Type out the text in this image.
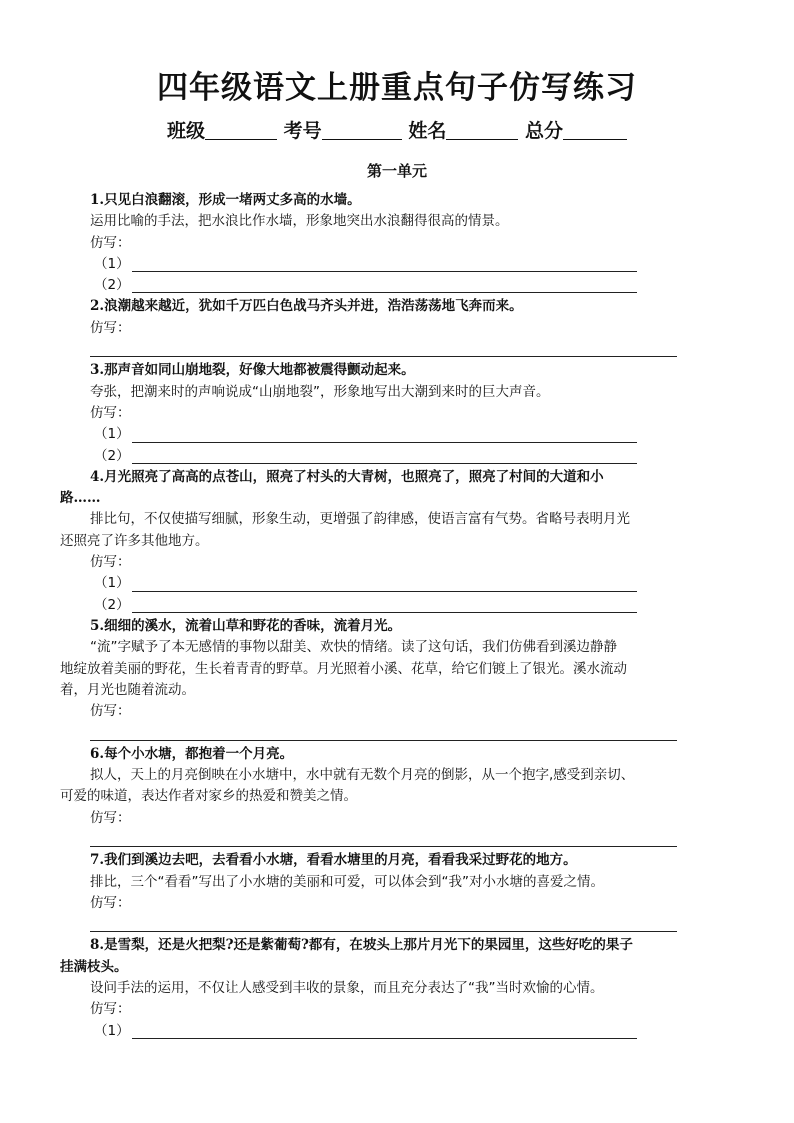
四年级语文上册重点句子仿写练习
班级	考号	姓名	总分
第一单元
1.只见白浪翻滚，形成一堵两丈多高的水墙。
运用比喻的手法，把水浪比作水墙，形象地突出水浪翻得很高的情景。
仿写：
（1）
（2）
2.浪潮越来越近，犹如千万匹白色战马齐头并进，浩浩荡荡地飞奔而来。
仿写：
3.那声音如同山崩地裂，好像大地都被震得颤动起来。
夸张，把潮来时的声响说成“山崩地裂”，形象地写出大潮到来时的巨大声音。
仿写：
（1）
（2）
4.月光照亮了高高的点苍山，照亮了村头的大青树，也照亮了，照亮了村间的大道和小
路……
排比句，不仅使描写细腻，形象生动，更增强了韵律感，使语言富有气势。省略号表明月光
还照亮了许多其他地方。
仿写：
（1）
（2）
5.细细的溪水，流着山草和野花的香味，流着月光。
“流”字赋予了本无感情的事物以甜美、欢快的情绪。读了这句话，我们仿佛看到溪边静静
地绽放着美丽的野花，生长着青青的野草。月光照着小溪、花草，给它们镀上了银光。溪水流动
着，月光也随着流动。
仿写：
6.每个小水塘，都抱着一个月亮。
拟人，天上的月亮倒映在小水塘中，水中就有无数个月亮的倒影，从一个抱字,感受到亲切、
可爱的味道，表达作者对家乡的热爱和赞美之情。
仿写：
7.我们到溪边去吧，去看看小水塘，看看水塘里的月亮，看看我采过野花的地方。
排比，三个“看看”写出了小水塘的美丽和可爱，可以体会到“我”对小水塘的喜爱之情。
仿写：
8.是雪梨，还是火把梨?还是紫葡萄?都有，在坡头上那片月光下的果园里，这些好吃的果子
挂满枝头。
设问手法的运用，不仅让人感受到丰收的景象，而且充分表达了“我”当时欢愉的心情。
仿写：
（1）
